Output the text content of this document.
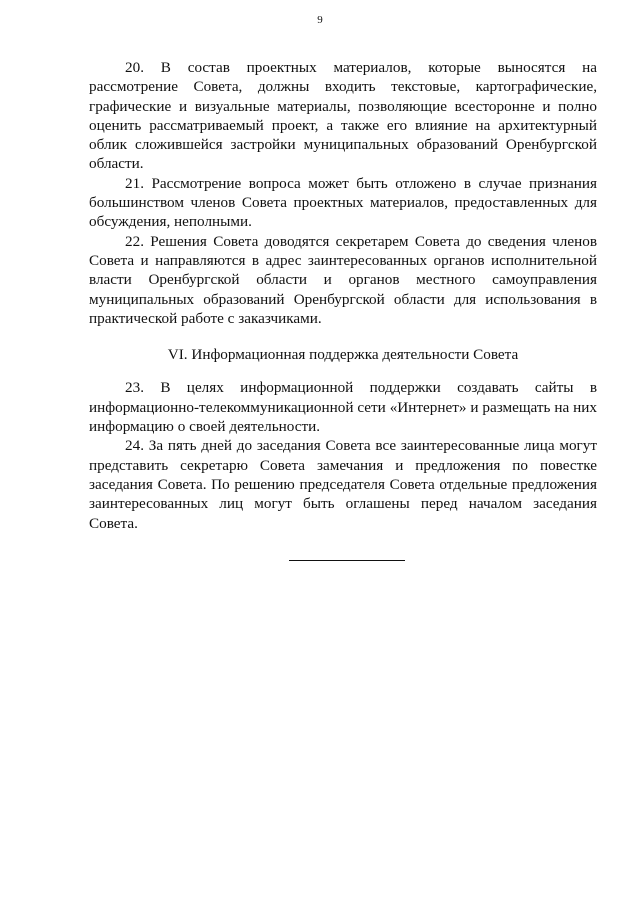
9

20. В состав проектных материалов, которые выносятся на рассмотрение Совета, должны входить текстовые, картографические, графические и визуальные материалы, позволяющие всесторонне и полно оценить рассматриваемый проект, а также его влияние на архитектурный облик сложившейся застройки муниципальных образований Оренбургской области.

21. Рассмотрение вопроса может быть отложено в случае признания большинством членов Совета проектных материалов, предоставленных для обсуждения, неполными.

22. Решения Совета доводятся секретарем Совета до сведения членов Совета и направляются в адрес заинтересованных органов исполнительной власти Оренбургской области и органов местного самоуправления муниципальных образований Оренбургской области для использования в практической работе с заказчиками.

VI. Информационная поддержка деятельности Совета

23. В целях информационной поддержки создавать сайты в информационно-телекоммуникационной сети «Интернет» и размещать на них информацию о своей деятельности.

24. За пять дней до заседания Совета все заинтересованные лица могут представить секретарю Совета замечания и предложения по повестке заседания Совета. По решению председателя Совета отдельные предложения заинтересованных лиц могут быть оглашены перед началом заседания Совета.
